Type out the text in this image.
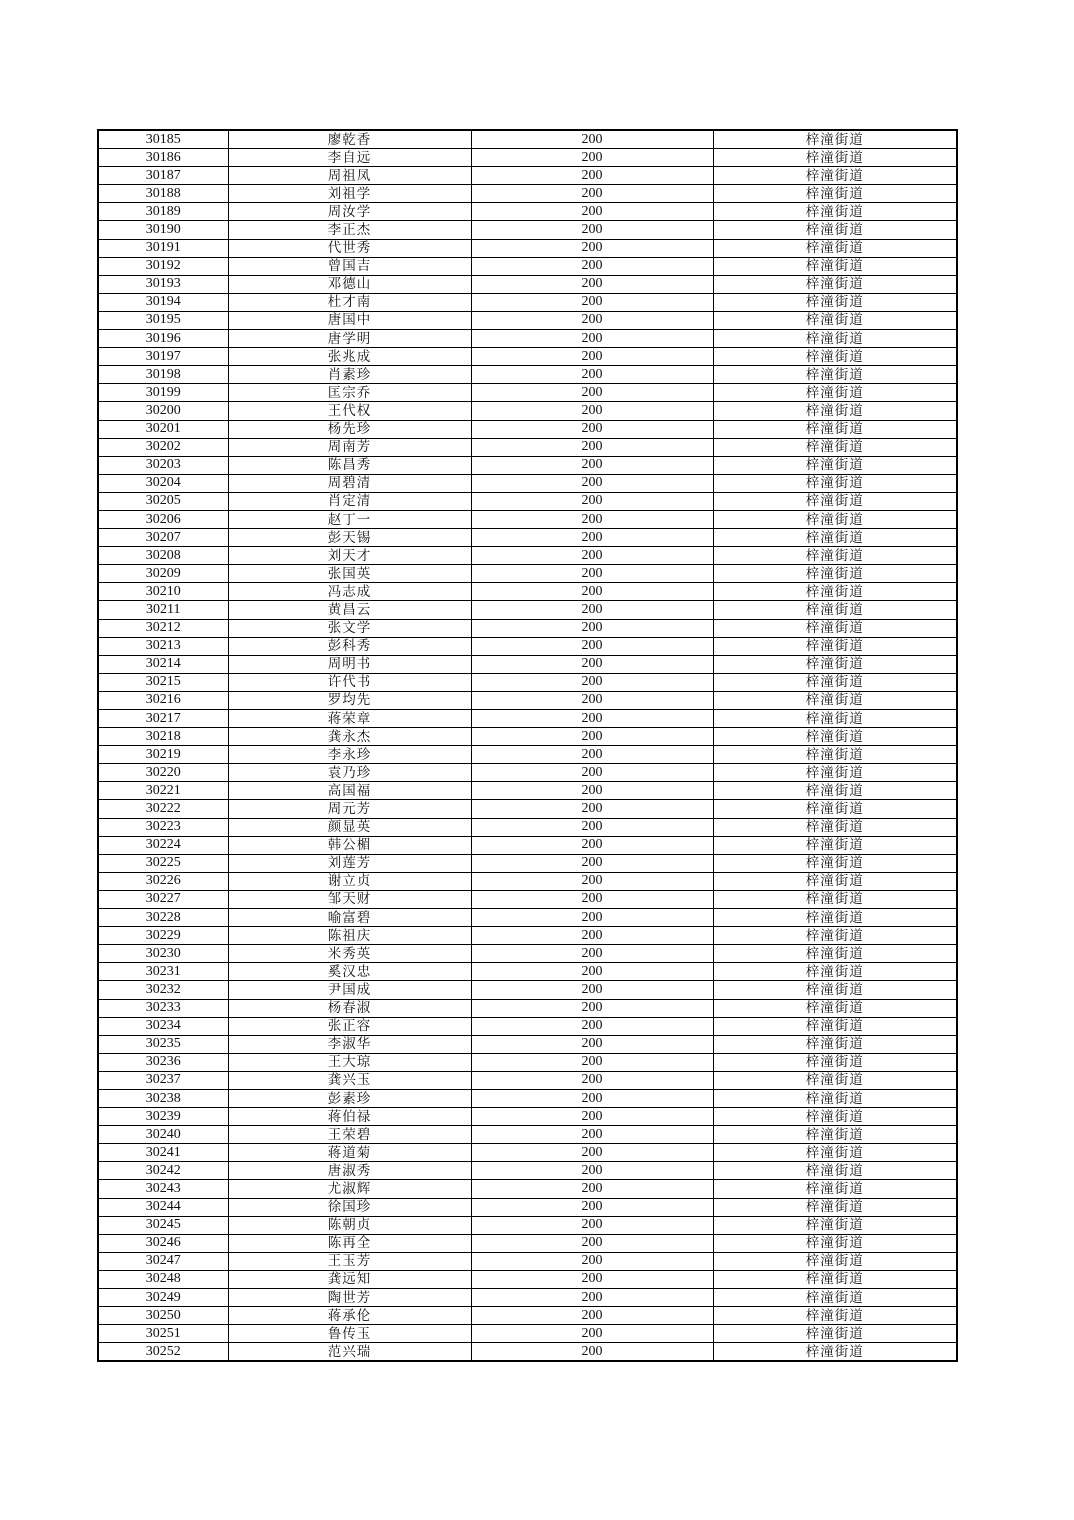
30185	廖乾香	200	梓潼街道
30186	李自远	200	梓潼街道
30187	周祖凤	200	梓潼街道
30188	刘祖学	200	梓潼街道
30189	周汝学	200	梓潼街道
30190	李正杰	200	梓潼街道
30191	代世秀	200	梓潼街道
30192	曾国吉	200	梓潼街道
30193	邓德山	200	梓潼街道
30194	杜才南	200	梓潼街道
30195	唐国中	200	梓潼街道
30196	唐学明	200	梓潼街道
30197	张兆成	200	梓潼街道
30198	肖素珍	200	梓潼街道
30199	匡宗乔	200	梓潼街道
30200	王代权	200	梓潼街道
30201	杨先珍	200	梓潼街道
30202	周南芳	200	梓潼街道
30203	陈昌秀	200	梓潼街道
30204	周碧清	200	梓潼街道
30205	肖定清	200	梓潼街道
30206	赵丁一	200	梓潼街道
30207	彭天锡	200	梓潼街道
30208	刘天才	200	梓潼街道
30209	张国英	200	梓潼街道
30210	冯志成	200	梓潼街道
30211	黄昌云	200	梓潼街道
30212	张文学	200	梓潼街道
30213	彭科秀	200	梓潼街道
30214	周明书	200	梓潼街道
30215	许代书	200	梓潼街道
30216	罗均先	200	梓潼街道
30217	蒋荣章	200	梓潼街道
30218	龚永杰	200	梓潼街道
30219	李永珍	200	梓潼街道
30220	袁乃珍	200	梓潼街道
30221	高国福	200	梓潼街道
30222	周元芳	200	梓潼街道
30223	颜显英	200	梓潼街道
30224	韩公楣	200	梓潼街道
30225	刘莲芳	200	梓潼街道
30226	谢立贞	200	梓潼街道
30227	邹天财	200	梓潼街道
30228	喻富碧	200	梓潼街道
30229	陈祖庆	200	梓潼街道
30230	米秀英	200	梓潼街道
30231	奚汉忠	200	梓潼街道
30232	尹国成	200	梓潼街道
30233	杨春淑	200	梓潼街道
30234	张正容	200	梓潼街道
30235	李淑华	200	梓潼街道
30236	王大琼	200	梓潼街道
30237	龚兴玉	200	梓潼街道
30238	彭素珍	200	梓潼街道
30239	蒋伯禄	200	梓潼街道
30240	王荣碧	200	梓潼街道
30241	蒋道菊	200	梓潼街道
30242	唐淑秀	200	梓潼街道
30243	尤淑辉	200	梓潼街道
30244	徐国珍	200	梓潼街道
30245	陈朝贞	200	梓潼街道
30246	陈再全	200	梓潼街道
30247	王玉芳	200	梓潼街道
30248	龚远知	200	梓潼街道
30249	陶世芳	200	梓潼街道
30250	蒋承伦	200	梓潼街道
30251	鲁传玉	200	梓潼街道
30252	范兴瑞	200	梓潼街道
